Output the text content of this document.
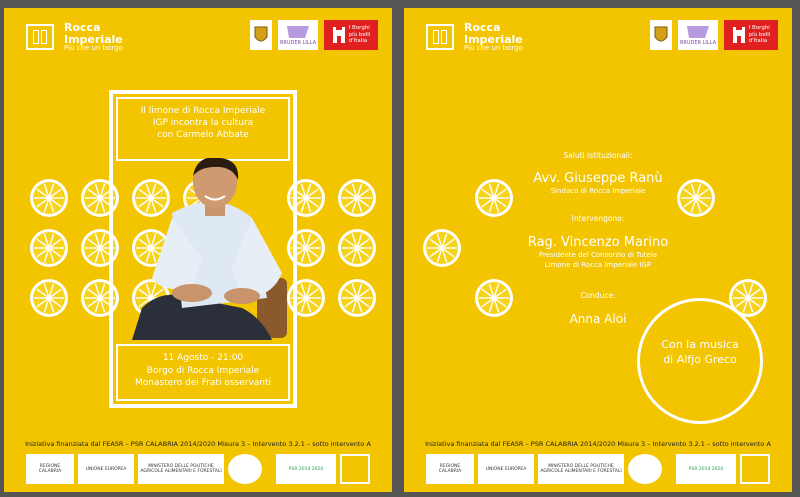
Rocca
Imperiale
Più che un borgo
BRUDER LILLA
I Borghi
più belli
d'Italia
Il limone di Rocca Imperiale
IGP incontra la cultura
con Carmelo Abbate
11 Agosto - 21:00
Borgo di Rocca Imperiale
Monastero dei Frati osservanti
Iniziativa finanziata dal FEASR – PSR CALABRIA 2014/2020 Misura 3 – Intervento 3.2.1 – sotto intervento A
REGIONE CALABRIA	UNIONE EUROPEA	MINISTERO DELLE POLITICHE AGRICOLE ALIMENTARI E FORESTALI	PSR 2014 2020
Rocca
Imperiale
Più che un borgo
BRUDER LILLA
I Borghi
più belli
d'Italia
Saluti istituzionali:
Avv. Giuseppe Ranù
Sindaco di Rocca Imperiale
Intervengono:
Rag. Vincenzo Marino
Presidente del Consorzio di Tutela
Limone di Rocca Imperiale IGP
Conduce:
Anna Aloi
Con la musica
di Alfjo Greco
Iniziativa finanziata dal FEASR – PSR CALABRIA 2014/2020 Misura 3 – Intervento 3.2.1 – sotto intervento A
REGIONE CALABRIA	UNIONE EUROPEA	MINISTERO DELLE POLITICHE AGRICOLE ALIMENTARI E FORESTALI	PSR 2014 2020
